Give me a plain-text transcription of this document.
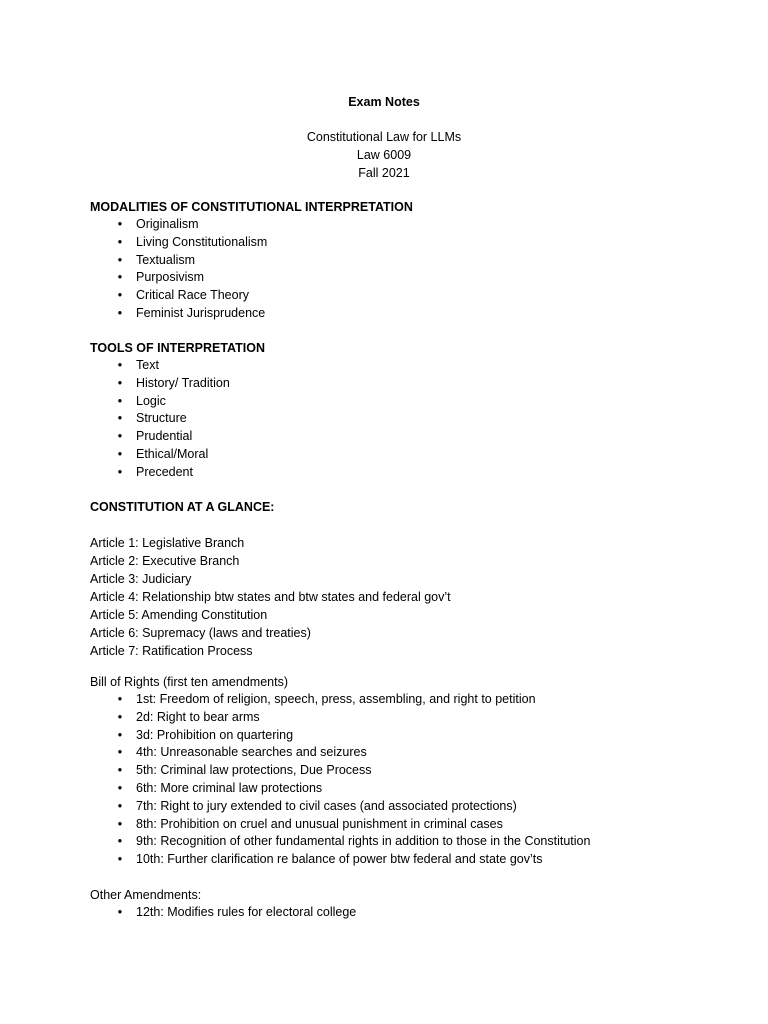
Exam Notes
Constitutional Law for LLMs
Law 6009
Fall 2021
MODALITIES OF CONSTITUTIONAL INTERPRETATION
• Originalism
• Living Constitutionalism
• Textualism
• Purposivism
• Critical Race Theory
• Feminist Jurisprudence
TOOLS OF INTERPRETATION
• Text
• History/ Tradition
• Logic
• Structure
• Prudential
• Ethical/Moral
• Precedent
CONSTITUTION AT A GLANCE:
Article 1: Legislative Branch
Article 2: Executive Branch
Article 3: Judiciary
Article 4: Relationship btw states and btw states and federal gov’t
Article 5: Amending Constitution
Article 6: Supremacy (laws and treaties)
Article 7: Ratification Process
Bill of Rights (first ten amendments)
• 1st: Freedom of religion, speech, press, assembling, and right to petition
• 2d: Right to bear arms
• 3d: Prohibition on quartering
• 4th: Unreasonable searches and seizures
• 5th: Criminal law protections, Due Process
• 6th: More criminal law protections
• 7th: Right to jury extended to civil cases (and associated protections)
• 8th: Prohibition on cruel and unusual punishment in criminal cases
• 9th: Recognition of other fundamental rights in addition to those in the Constitution
• 10th: Further clarification re balance of power btw federal and state gov’ts
Other Amendments:
• 12th: Modifies rules for electoral college
